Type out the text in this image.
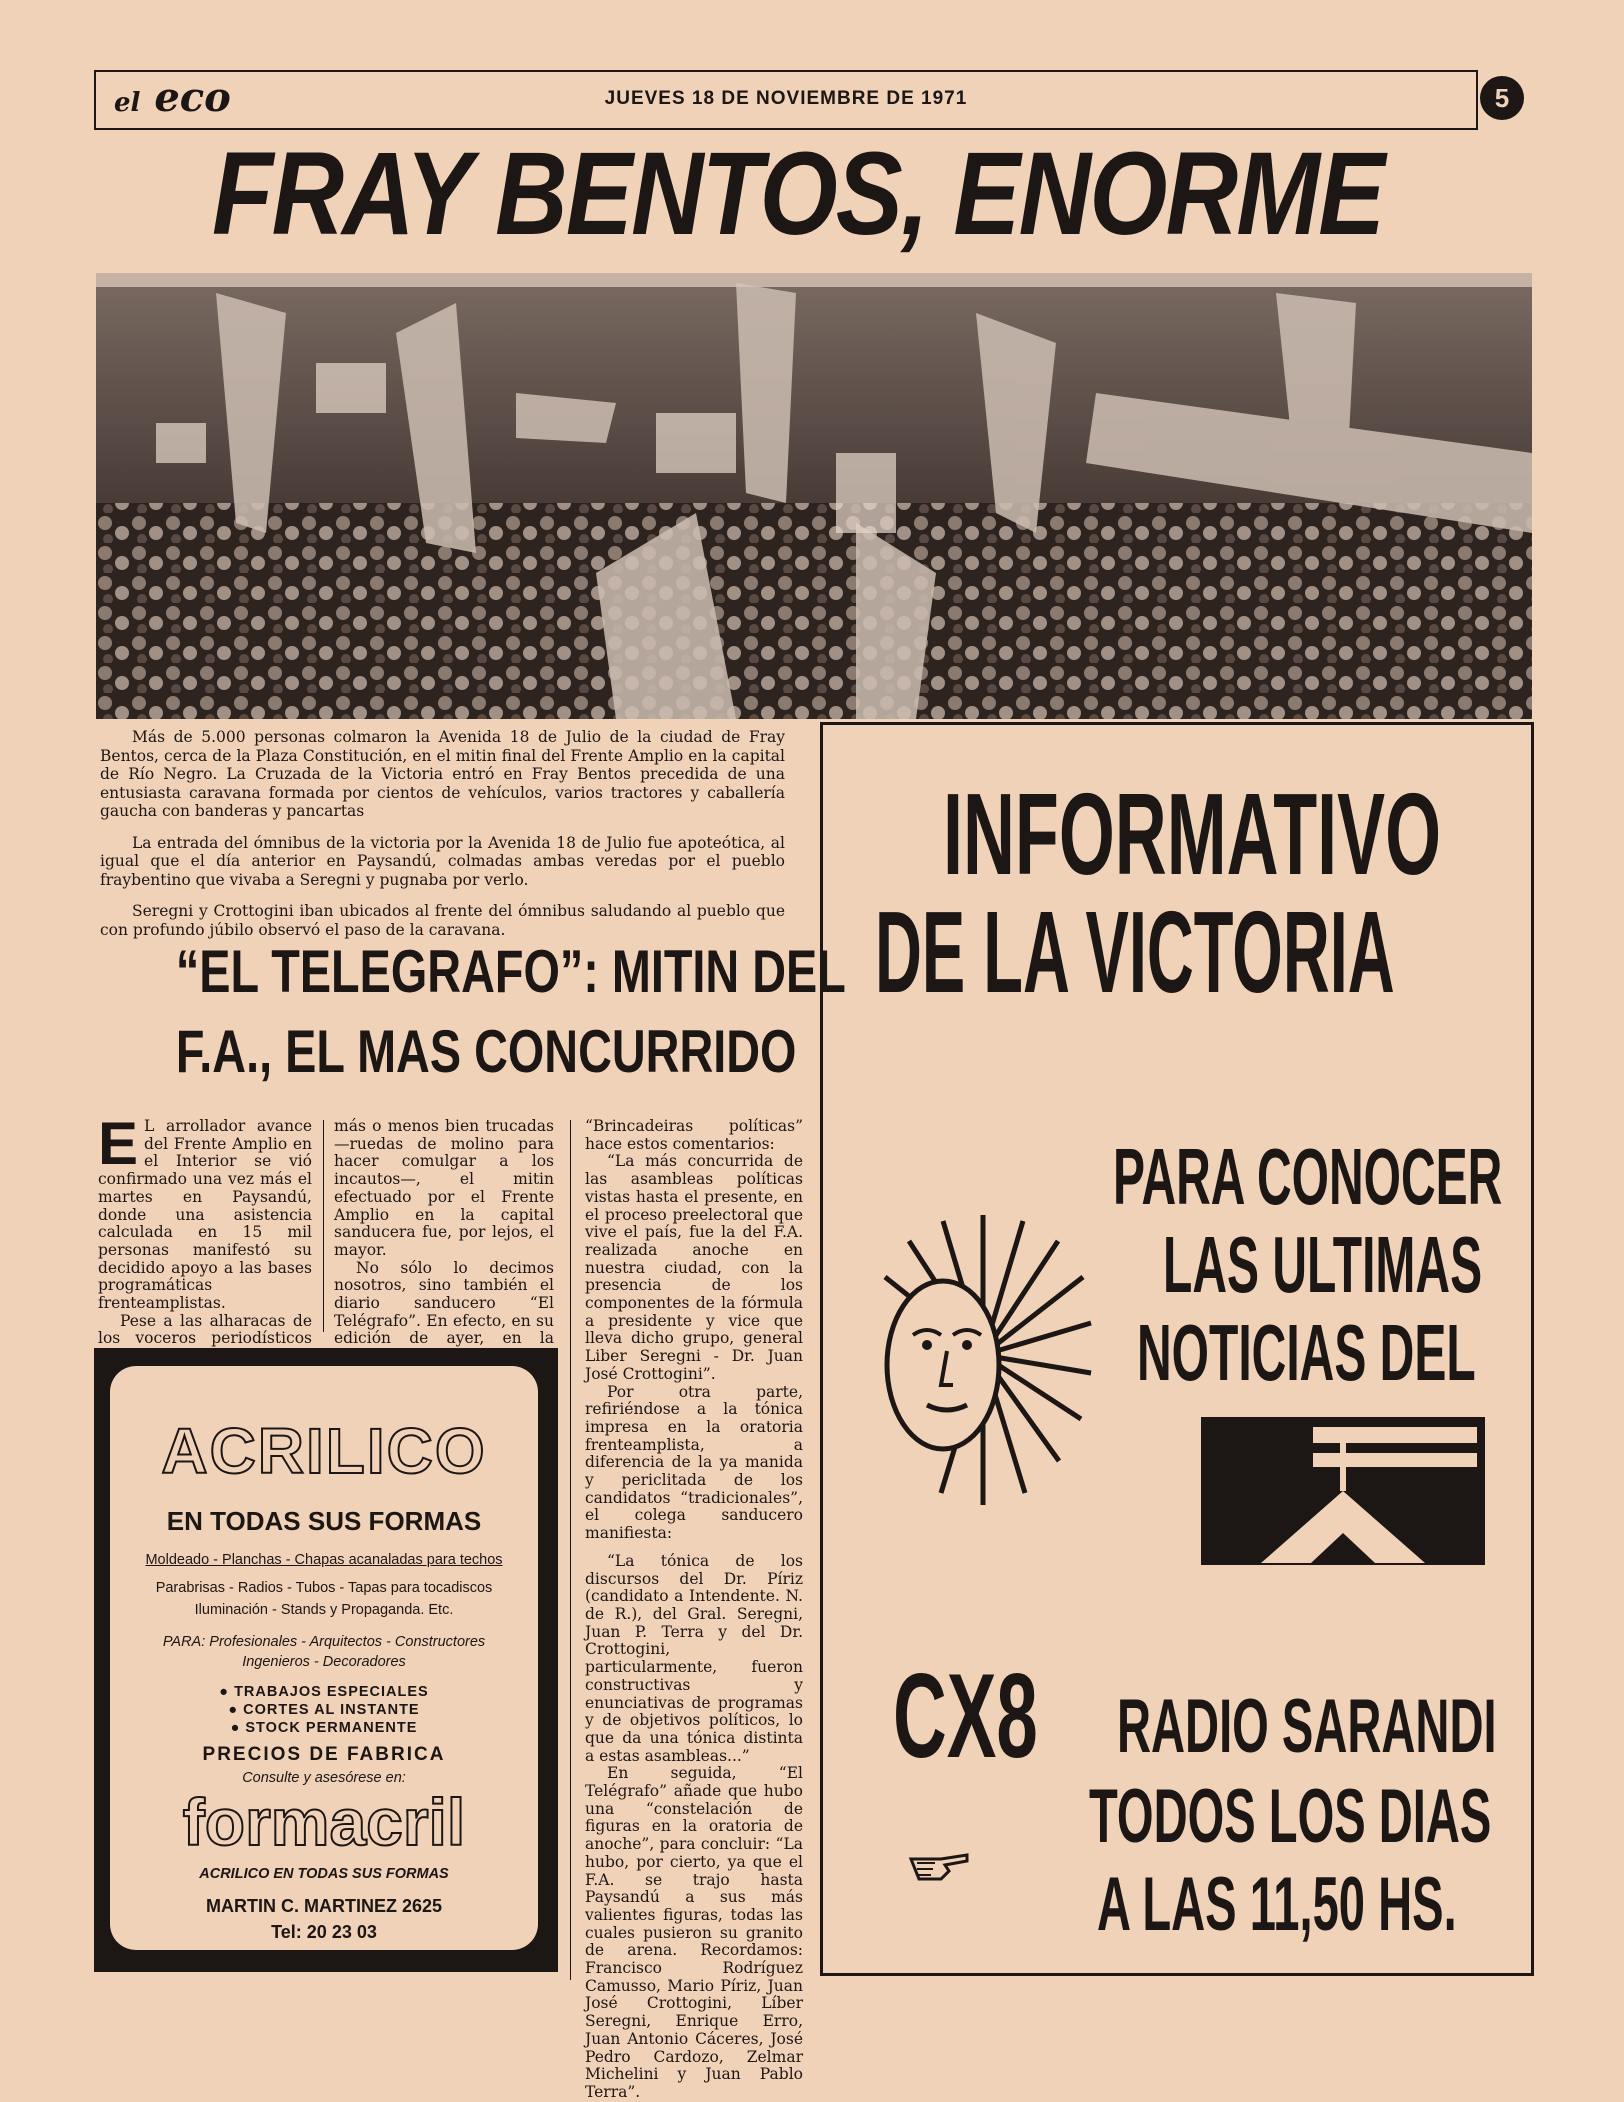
el eco	JUEVES 18 DE NOVIEMBRE DE 1971	5
FRAY BENTOS, ENORME

Más de 5.000 personas colmaron la Avenida 18 de Julio de la ciudad de Fray Bentos, cerca de la Plaza Constitución, en el mitin final del Frente Amplio en la capital de Río Negro. La Cruzada de la Victoria entró en Fray Bentos precedida de una entusiasta caravana formada por cientos de vehículos, varios tractores y caballería gaucha con banderas y pancartas

La entrada del ómnibus de la victoria por la Avenida 18 de Julio fue apoteótica, al igual que el día anterior en Paysandú, colmadas ambas veredas por el pueblo fraybentino que vivaba a Seregni y pugnaba por verlo.

Seregni y Crottogini iban ubicados al frente del ómnibus saludando al pueblo que con profundo júbilo observó el paso de la caravana.

“EL TELEGRAFO”: MITIN DEL
F.A., EL MAS CONCURRIDO
E L arrollador avance del Frente Amplio en el Interior se vió confirmado una vez más el martes en Paysandú, donde una asistencia calculada en 15 mil personas manifestó su decidido apoyo a las bases programáticas frenteamplistas.

Pese a las alharacas de los voceros periodísticos

más o menos bien trucadas —ruedas de molino para hacer comulgar a los incautos—, el mitin efectuado por el Frente Amplio en la capital sanducera fue, por lejos, el mayor.

No sólo lo decimos nosotros, sino también el diario sanducero “El Telégrafo”. En efecto, en su edición de ayer, en la

“Brincadeiras políticas” hace estos comentarios:

“La más concurrida de las asambleas políticas vistas hasta el presente, en el proceso preelectoral que vive el país, fue la del F.A. realizada anoche en nuestra ciudad, con la presencia de los componentes de la fórmula a presidente y vice que lleva dicho grupo, general Liber Seregni - Dr. Juan José Crottogini”.

Por otra parte, refiriéndose a la tónica impresa en la oratoria frenteamplista, a diferencia de la ya manida y periclitada de los candidatos “tradicionales”, el colega sanducero manifiesta:

“La tónica de los discursos del Dr. Píriz (candidato a Intendente. N. de R.), del Gral. Seregni, Juan P. Terra y del Dr. Crottogini, particularmente, fueron constructivas y enunciativas de programas y de objetivos políticos, lo que da una tónica distinta a estas asambleas...”

En seguida, “El Telégrafo” añade que hubo una “constelación de figuras en la oratoria de anoche”, para concluir: “La hubo, por cierto, ya que el F.A. se trajo hasta Paysandú a sus más valientes figuras, todas las cuales pusieron su granito de arena. Recordamos: Francisco Rodríguez Camusso, Mario Píriz, Juan José Crottogini, Líber Seregni, Enrique Erro, Juan Antonio Cáceres, José Pedro Cardozo, Zelmar Michelini y Juan Pablo Terra”.

ACRILICO
EN TODAS SUS FORMAS
Moldeado - Planchas - Chapas acanaladas para techos
Parabrisas - Radios - Tubos - Tapas para tocadiscos
Iluminación - Stands y Propaganda. Etc.
PARA: Profesionales - Arquitectos - Constructores
Ingenieros - Decoradores
● TRABAJOS ESPECIALES
● CORTES AL INSTANTE
● STOCK PERMANENTE
PRECIOS DE FABRICA
Consulte y asesórese en:
formacril
ACRILICO EN TODAS SUS FORMAS
MARTIN C. MARTINEZ 2625
Tel: 20 23 03
INFORMATIVO
DE LA VICTORIA
PARA CONOCER
LAS ULTIMAS
NOTICIAS DEL
CX8 RADIO SARANDI
TODOS LOS DIAS
A LAS 11,50 HS.
